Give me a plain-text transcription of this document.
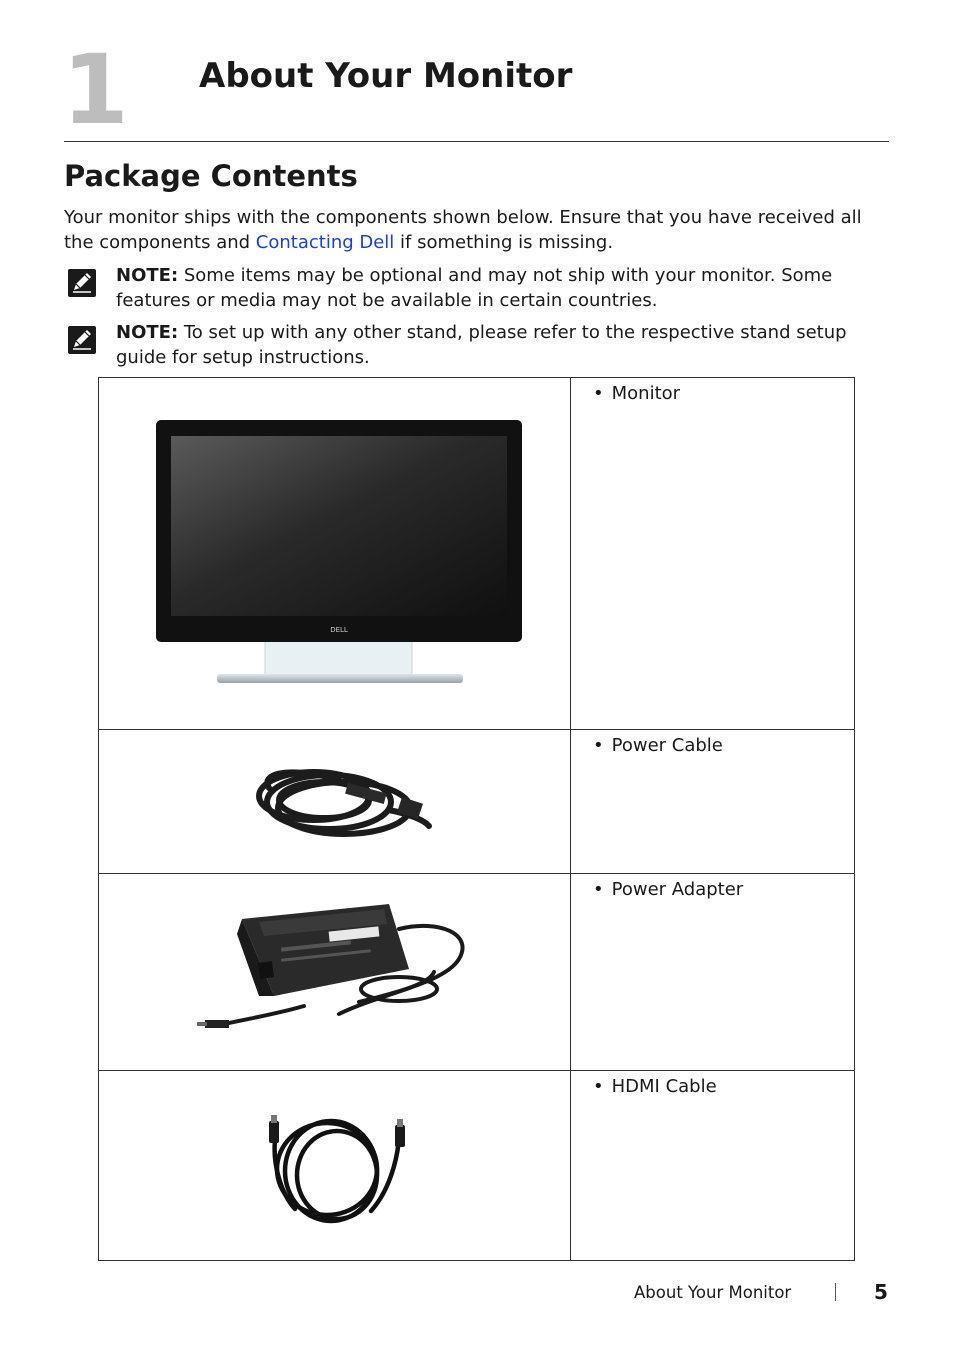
1 About Your Monitor
Package Contents
Your monitor ships with the components shown below. Ensure that you have received all the components and Contacting Dell if something is missing.
NOTE: Some items may be optional and may not ship with your monitor. Some features or media may not be available in certain countries.
NOTE: To set up with any other stand, please refer to the respective stand setup guide for setup instructions.
DELL	• Monitor

• Power Cable

• Power Adapter

• HDMI Cable
About Your Monitor	5
